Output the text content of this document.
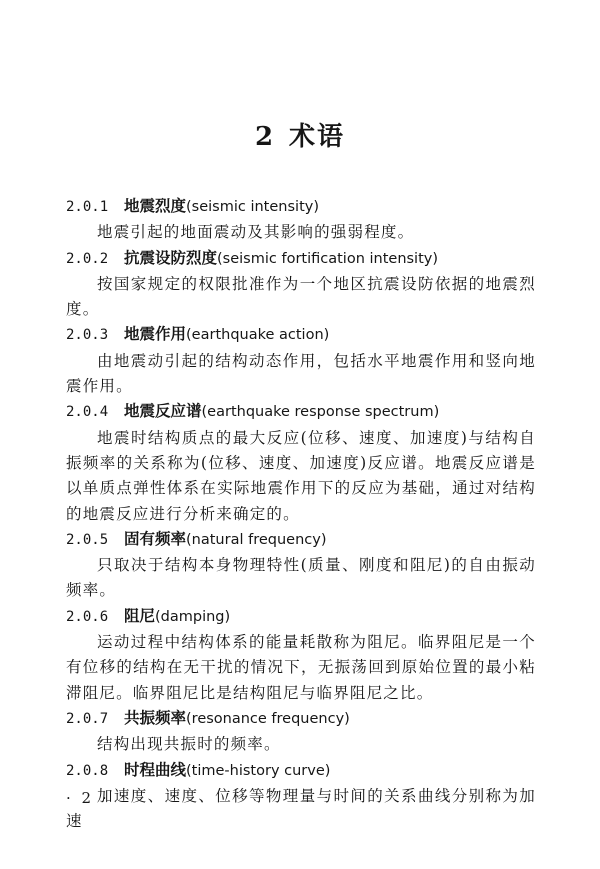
2 术语
2.0.1 地震烈度(seismic intensity)
地震引起的地面震动及其影响的强弱程度。
2.0.2 抗震设防烈度(seismic fortification intensity)
按国家规定的权限批准作为一个地区抗震设防依据的地震烈度。
2.0.3 地震作用(earthquake action)
由地震动引起的结构动态作用，包括水平地震作用和竖向地震作用。
2.0.4 地震反应谱(earthquake response spectrum)
地震时结构质点的最大反应(位移、速度、加速度)与结构自振频率的关系称为(位移、速度、加速度)反应谱。地震反应谱是以单质点弹性体系在实际地震作用下的反应为基础，通过对结构的地震反应进行分析来确定的。
2.0.5 固有频率(natural frequency)
只取决于结构本身物理特性(质量、刚度和阻尼)的自由振动频率。
2.0.6 阻尼(damping)
运动过程中结构体系的能量耗散称为阻尼。临界阻尼是一个有位移的结构在无干扰的情况下，无振荡回到原始位置的最小粘滞阻尼。临界阻尼比是结构阻尼与临界阻尼之比。
2.0.7 共振频率(resonance frequency)
结构出现共振时的频率。
2.0.8 时程曲线(time-history curve)
加速度、速度、位移等物理量与时间的关系曲线分别称为加速
· 2 ·
